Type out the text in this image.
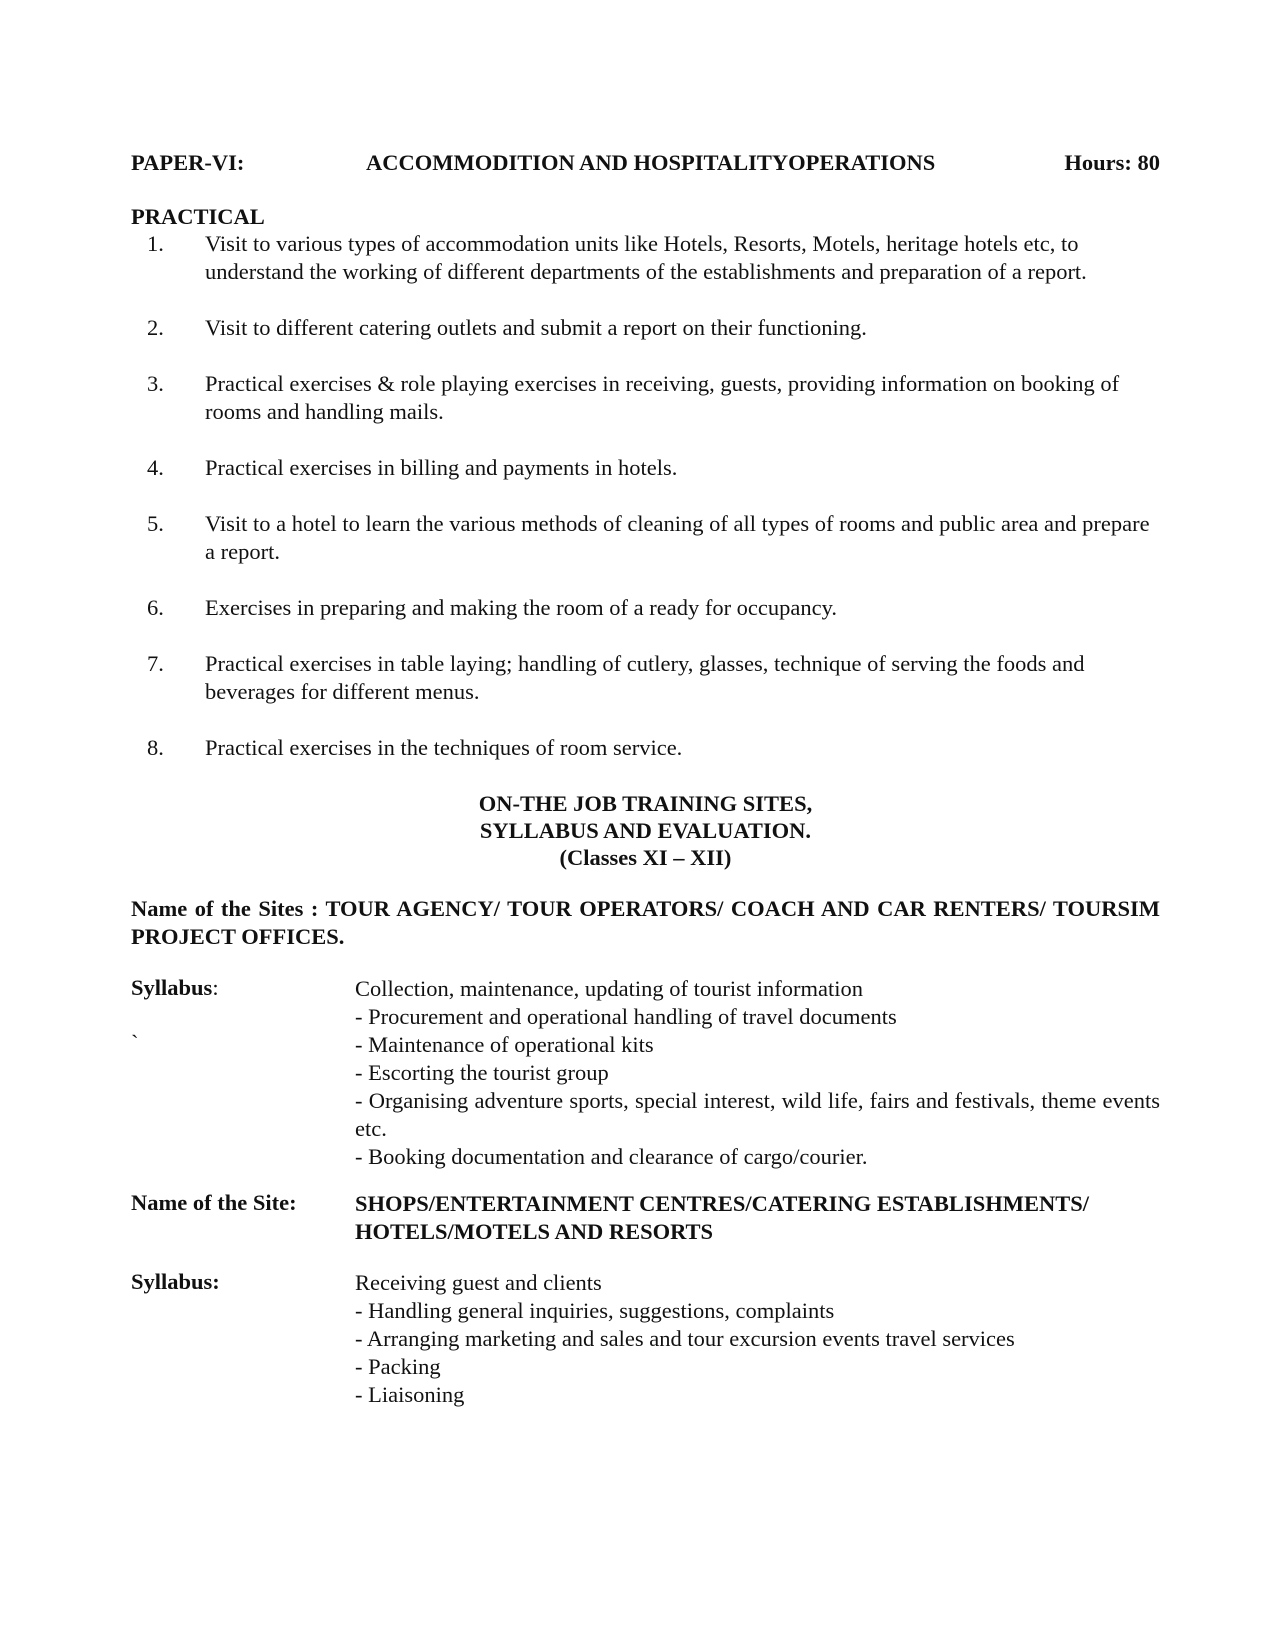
PAPER-VI:	ACCOMMODITION AND HOSPITALITYOPERATIONS	Hours: 80
PRACTICAL
1. Visit to various types of accommodation units like Hotels, Resorts, Motels, heritage hotels etc, to understand the working of different departments of the establishments and preparation of a report.
2. Visit to different catering outlets and submit a report on their functioning.
3. Practical exercises & role playing exercises in receiving, guests, providing information on booking of rooms and handling mails.
4. Practical exercises in billing and payments in hotels.
5. Visit to a hotel to learn the various methods of cleaning of all types of rooms and public area and prepare a report.
6. Exercises in preparing and making the room of a ready for occupancy.
7. Practical exercises in table laying; handling of cutlery, glasses, technique of serving the foods and beverages for different menus.
8. Practical exercises in the techniques of room service.
ON-THE JOB TRAINING SITES,
SYLLABUS AND EVALUATION.
(Classes XI – XII)
Name of the Sites : TOUR AGENCY/ TOUR OPERATORS/ COACH AND CAR RENTERS/ TOURSIM PROJECT OFFICES.
Syllabus:
`
Collection, maintenance, updating of tourist information
- Procurement and operational handling of travel documents
- Maintenance of operational kits
- Escorting the tourist group
- Organising adventure sports, special interest, wild life, fairs and festivals, theme events etc.
- Booking documentation and clearance of cargo/courier.
Name of the Site:	SHOPS/ENTERTAINMENT CENTRES/CATERING ESTABLISHMENTS/
HOTELS/MOTELS AND RESORTS
Syllabus:	Receiving guest and clients
- Handling general inquiries, suggestions, complaints
- Arranging marketing and sales and tour excursion events travel services
- Packing
- Liaisoning
